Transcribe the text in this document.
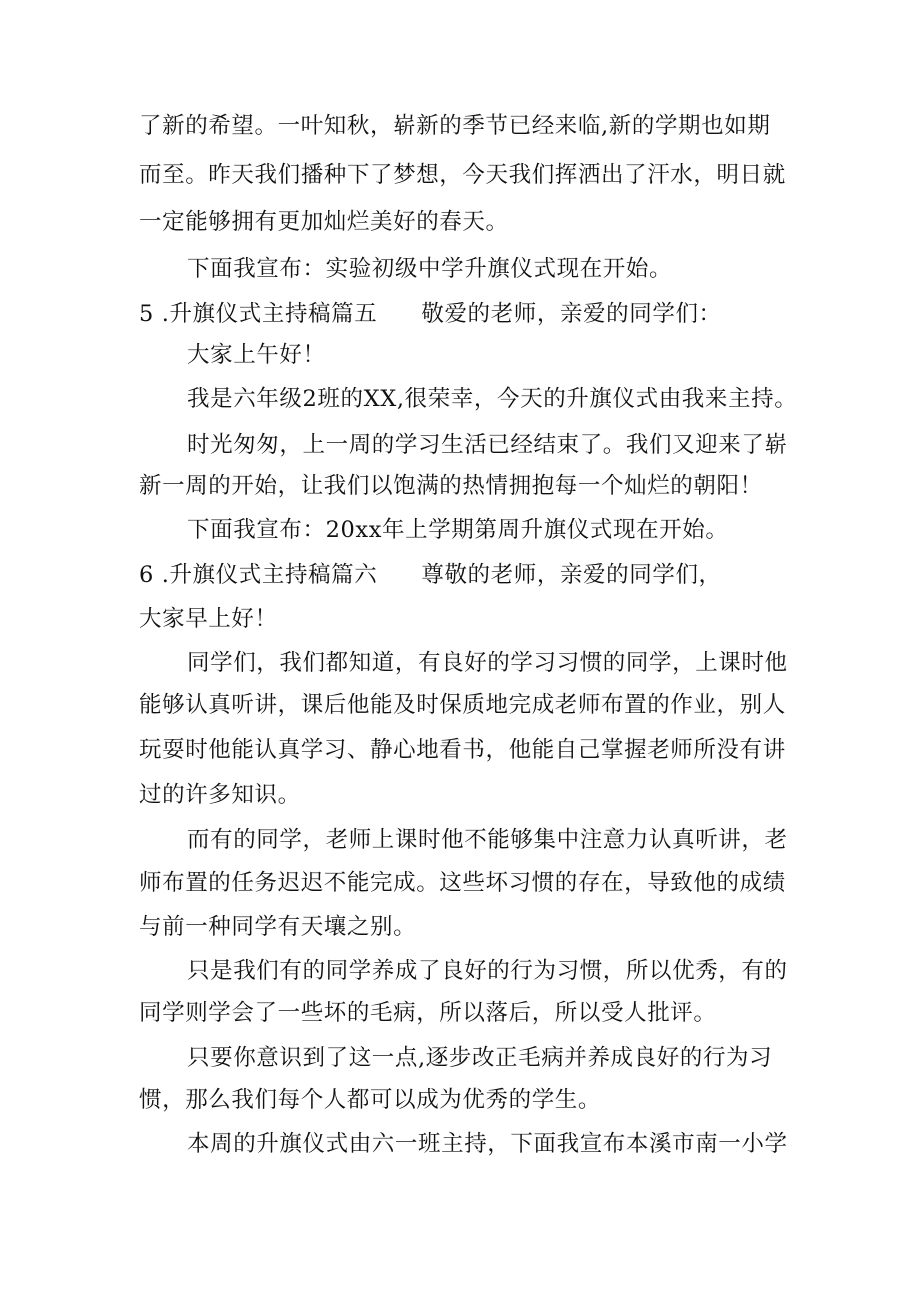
了新的希望。一叶知秋，崭新的季节已经来临,新的学期也如期
而至。昨天我们播种下了梦想，今天我们挥洒出了汗水，明日就
一定能够拥有更加灿烂美好的春天。
下面我宣布：实验初级中学升旗仪式现在开始。
5 .升旗仪式主持稿篇五 敬爱的老师，亲爱的同学们：
大家上午好！
我是六年级2班的XX,很荣幸，今天的升旗仪式由我来主持。
时光匆匆，上一周的学习生活已经结束了。我们又迎来了崭
新一周的开始，让我们以饱满的热情拥抱每一个灿烂的朝阳！
下面我宣布：20xx年上学期第周升旗仪式现在开始。
6 .升旗仪式主持稿篇六 尊敬的老师，亲爱的同学们，
大家早上好！
同学们，我们都知道，有良好的学习习惯的同学，上课时他
能够认真听讲，课后他能及时保质地完成老师布置的作业，别人
玩耍时他能认真学习、静心地看书，他能自己掌握老师所没有讲
过的许多知识。
而有的同学，老师上课时他不能够集中注意力认真听讲，老
师布置的任务迟迟不能完成。这些坏习惯的存在，导致他的成绩
与前一种同学有天壤之别。
只是我们有的同学养成了良好的行为习惯，所以优秀，有的
同学则学会了一些坏的毛病，所以落后，所以受人批评。
只要你意识到了这一点,逐步改正毛病并养成良好的行为习
惯，那么我们每个人都可以成为优秀的学生。
本周的升旗仪式由六一班主持，下面我宣布本溪市南一小学
